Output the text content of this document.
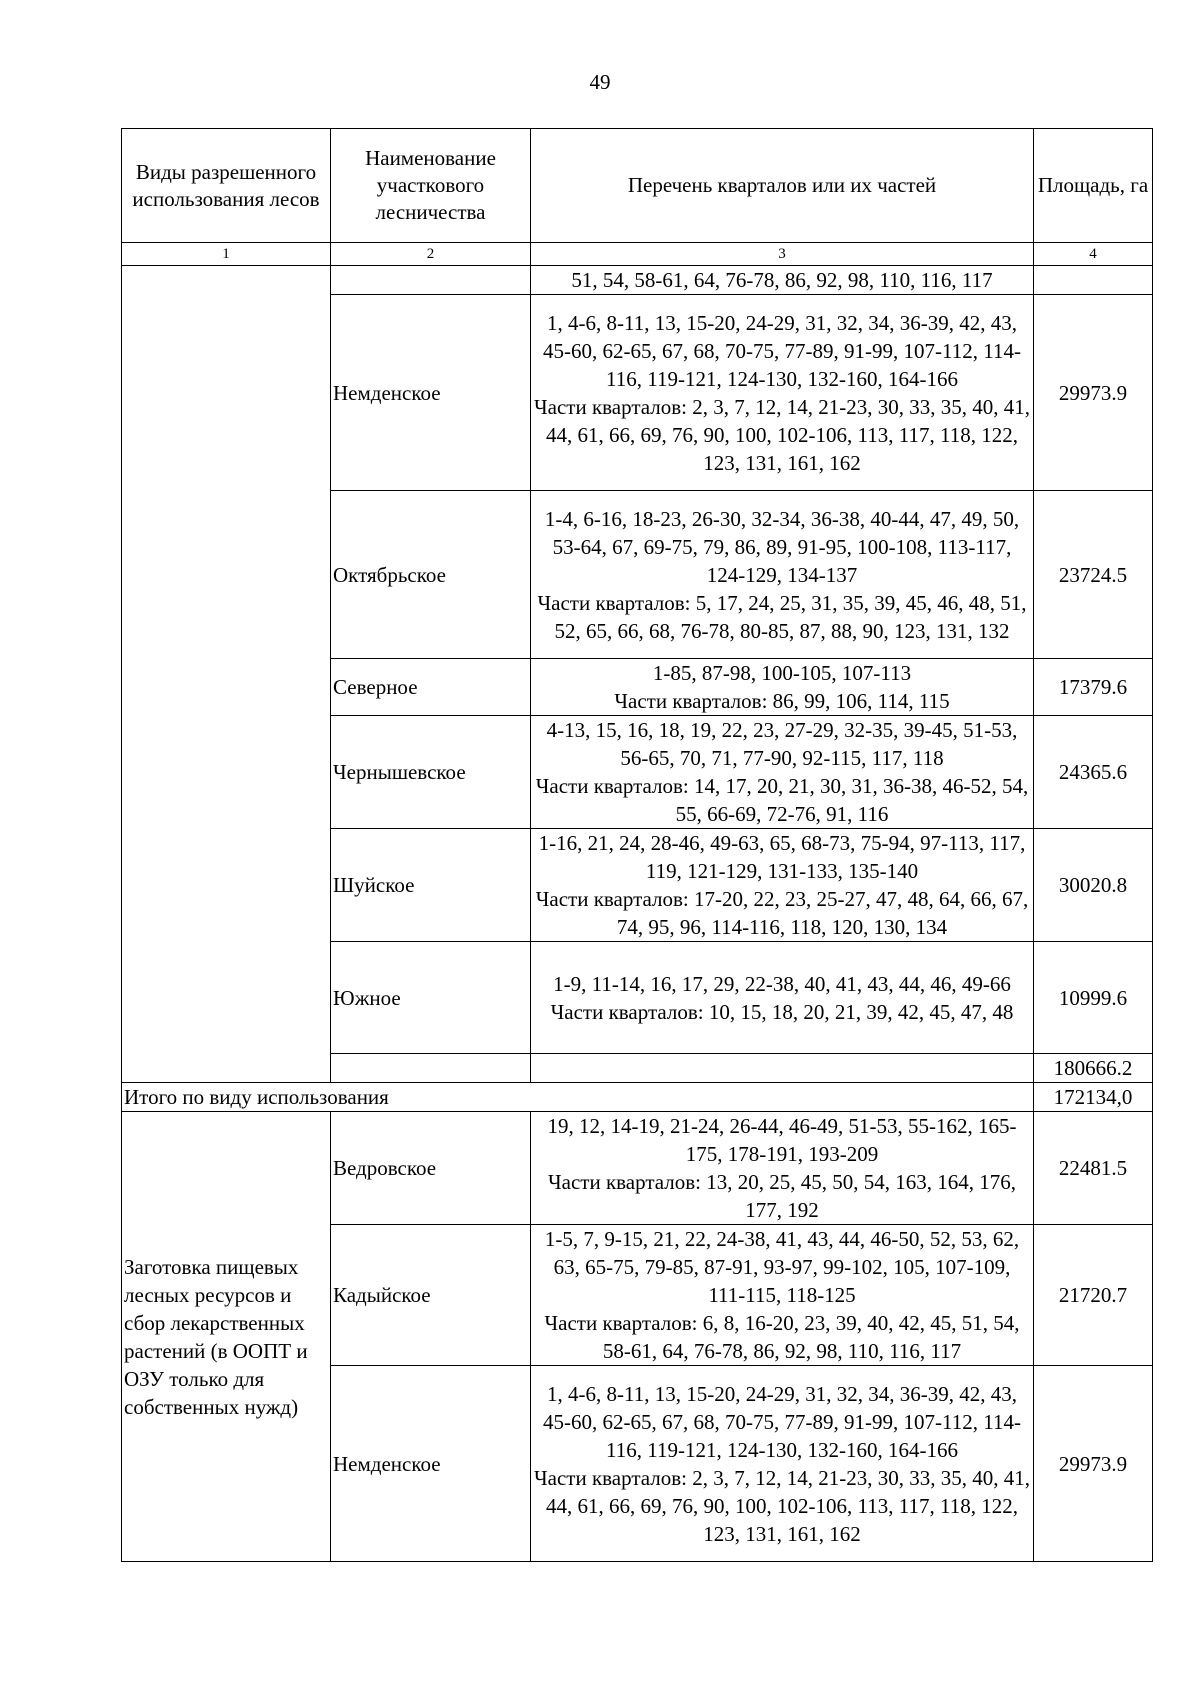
49
Виды разрешенного использования лесов	Наименование участкового лесничества	Перечень кварталов или их частей	Площадь, га
1	2	3	4
		51, 54, 58-61, 64, 76-78, 86, 92, 98, 110, 116, 117	
	Немденское	1, 4-6, 8-11, 13, 15-20, 24-29, 31, 32, 34, 36-39, 42, 43, 45-60, 62-65, 67, 68, 70-75, 77-89, 91-99, 107-112, 114-116, 119-121, 124-130, 132-160, 164-166
Части кварталов: 2, 3, 7, 12, 14, 21-23, 30, 33, 35, 40, 41, 44, 61, 66, 69, 76, 90, 100, 102-106, 113, 117, 118, 122, 123, 131, 161, 162	29973.9
	Октябрьское	1-4, 6-16, 18-23, 26-30, 32-34, 36-38, 40-44, 47, 49, 50, 53-64, 67, 69-75, 79, 86, 89, 91-95, 100-108, 113-117, 124-129, 134-137
Части кварталов: 5, 17, 24, 25, 31, 35, 39, 45, 46, 48, 51, 52, 65, 66, 68, 76-78, 80-85, 87, 88, 90, 123, 131, 132	23724.5
	Северное	1-85, 87-98, 100-105, 107-113
Части кварталов: 86, 99, 106, 114, 115	17379.6
	Чернышевское	4-13, 15, 16, 18, 19, 22, 23, 27-29, 32-35, 39-45, 51-53, 56-65, 70, 71, 77-90, 92-115, 117, 118
Части кварталов: 14, 17, 20, 21, 30, 31, 36-38, 46-52, 54, 55, 66-69, 72-76, 91, 116	24365.6
	Шуйское	1-16, 21, 24, 28-46, 49-63, 65, 68-73, 75-94, 97-113, 117, 119, 121-129, 131-133, 135-140
Части кварталов: 17-20, 22, 23, 25-27, 47, 48, 64, 66, 67, 74, 95, 96, 114-116, 118, 120, 130, 134	30020.8
	Южное	1-9, 11-14, 16, 17, 29, 22-38, 40, 41, 43, 44, 46, 49-66
Части кварталов: 10, 15, 18, 20, 21, 39, 42, 45, 47, 48	10999.6
			180666.2
Итого по виду использования			172134,0
Заготовка пищевых лесных ресурсов и сбор лекарственных растений (в ООПТ и ОЗУ только для собственных нужд)	Ведровское	19, 12, 14-19, 21-24, 26-44, 46-49, 51-53, 55-162, 165-175, 178-191, 193-209
Части кварталов: 13, 20, 25, 45, 50, 54, 163, 164, 176, 177, 192	22481.5
	Кадыйское	1-5, 7, 9-15, 21, 22, 24-38, 41, 43, 44, 46-50, 52, 53, 62, 63, 65-75, 79-85, 87-91, 93-97, 99-102, 105, 107-109, 111-115, 118-125
Части кварталов: 6, 8, 16-20, 23, 39, 40, 42, 45, 51, 54, 58-61, 64, 76-78, 86, 92, 98, 110, 116, 117	21720.7
	Немденское	1, 4-6, 8-11, 13, 15-20, 24-29, 31, 32, 34, 36-39, 42, 43, 45-60, 62-65, 67, 68, 70-75, 77-89, 91-99, 107-112, 114-116, 119-121, 124-130, 132-160, 164-166
Части кварталов: 2, 3, 7, 12, 14, 21-23, 30, 33, 35, 40, 41, 44, 61, 66, 69, 76, 90, 100, 102-106, 113, 117, 118, 122, 123, 131, 161, 162	29973.9
